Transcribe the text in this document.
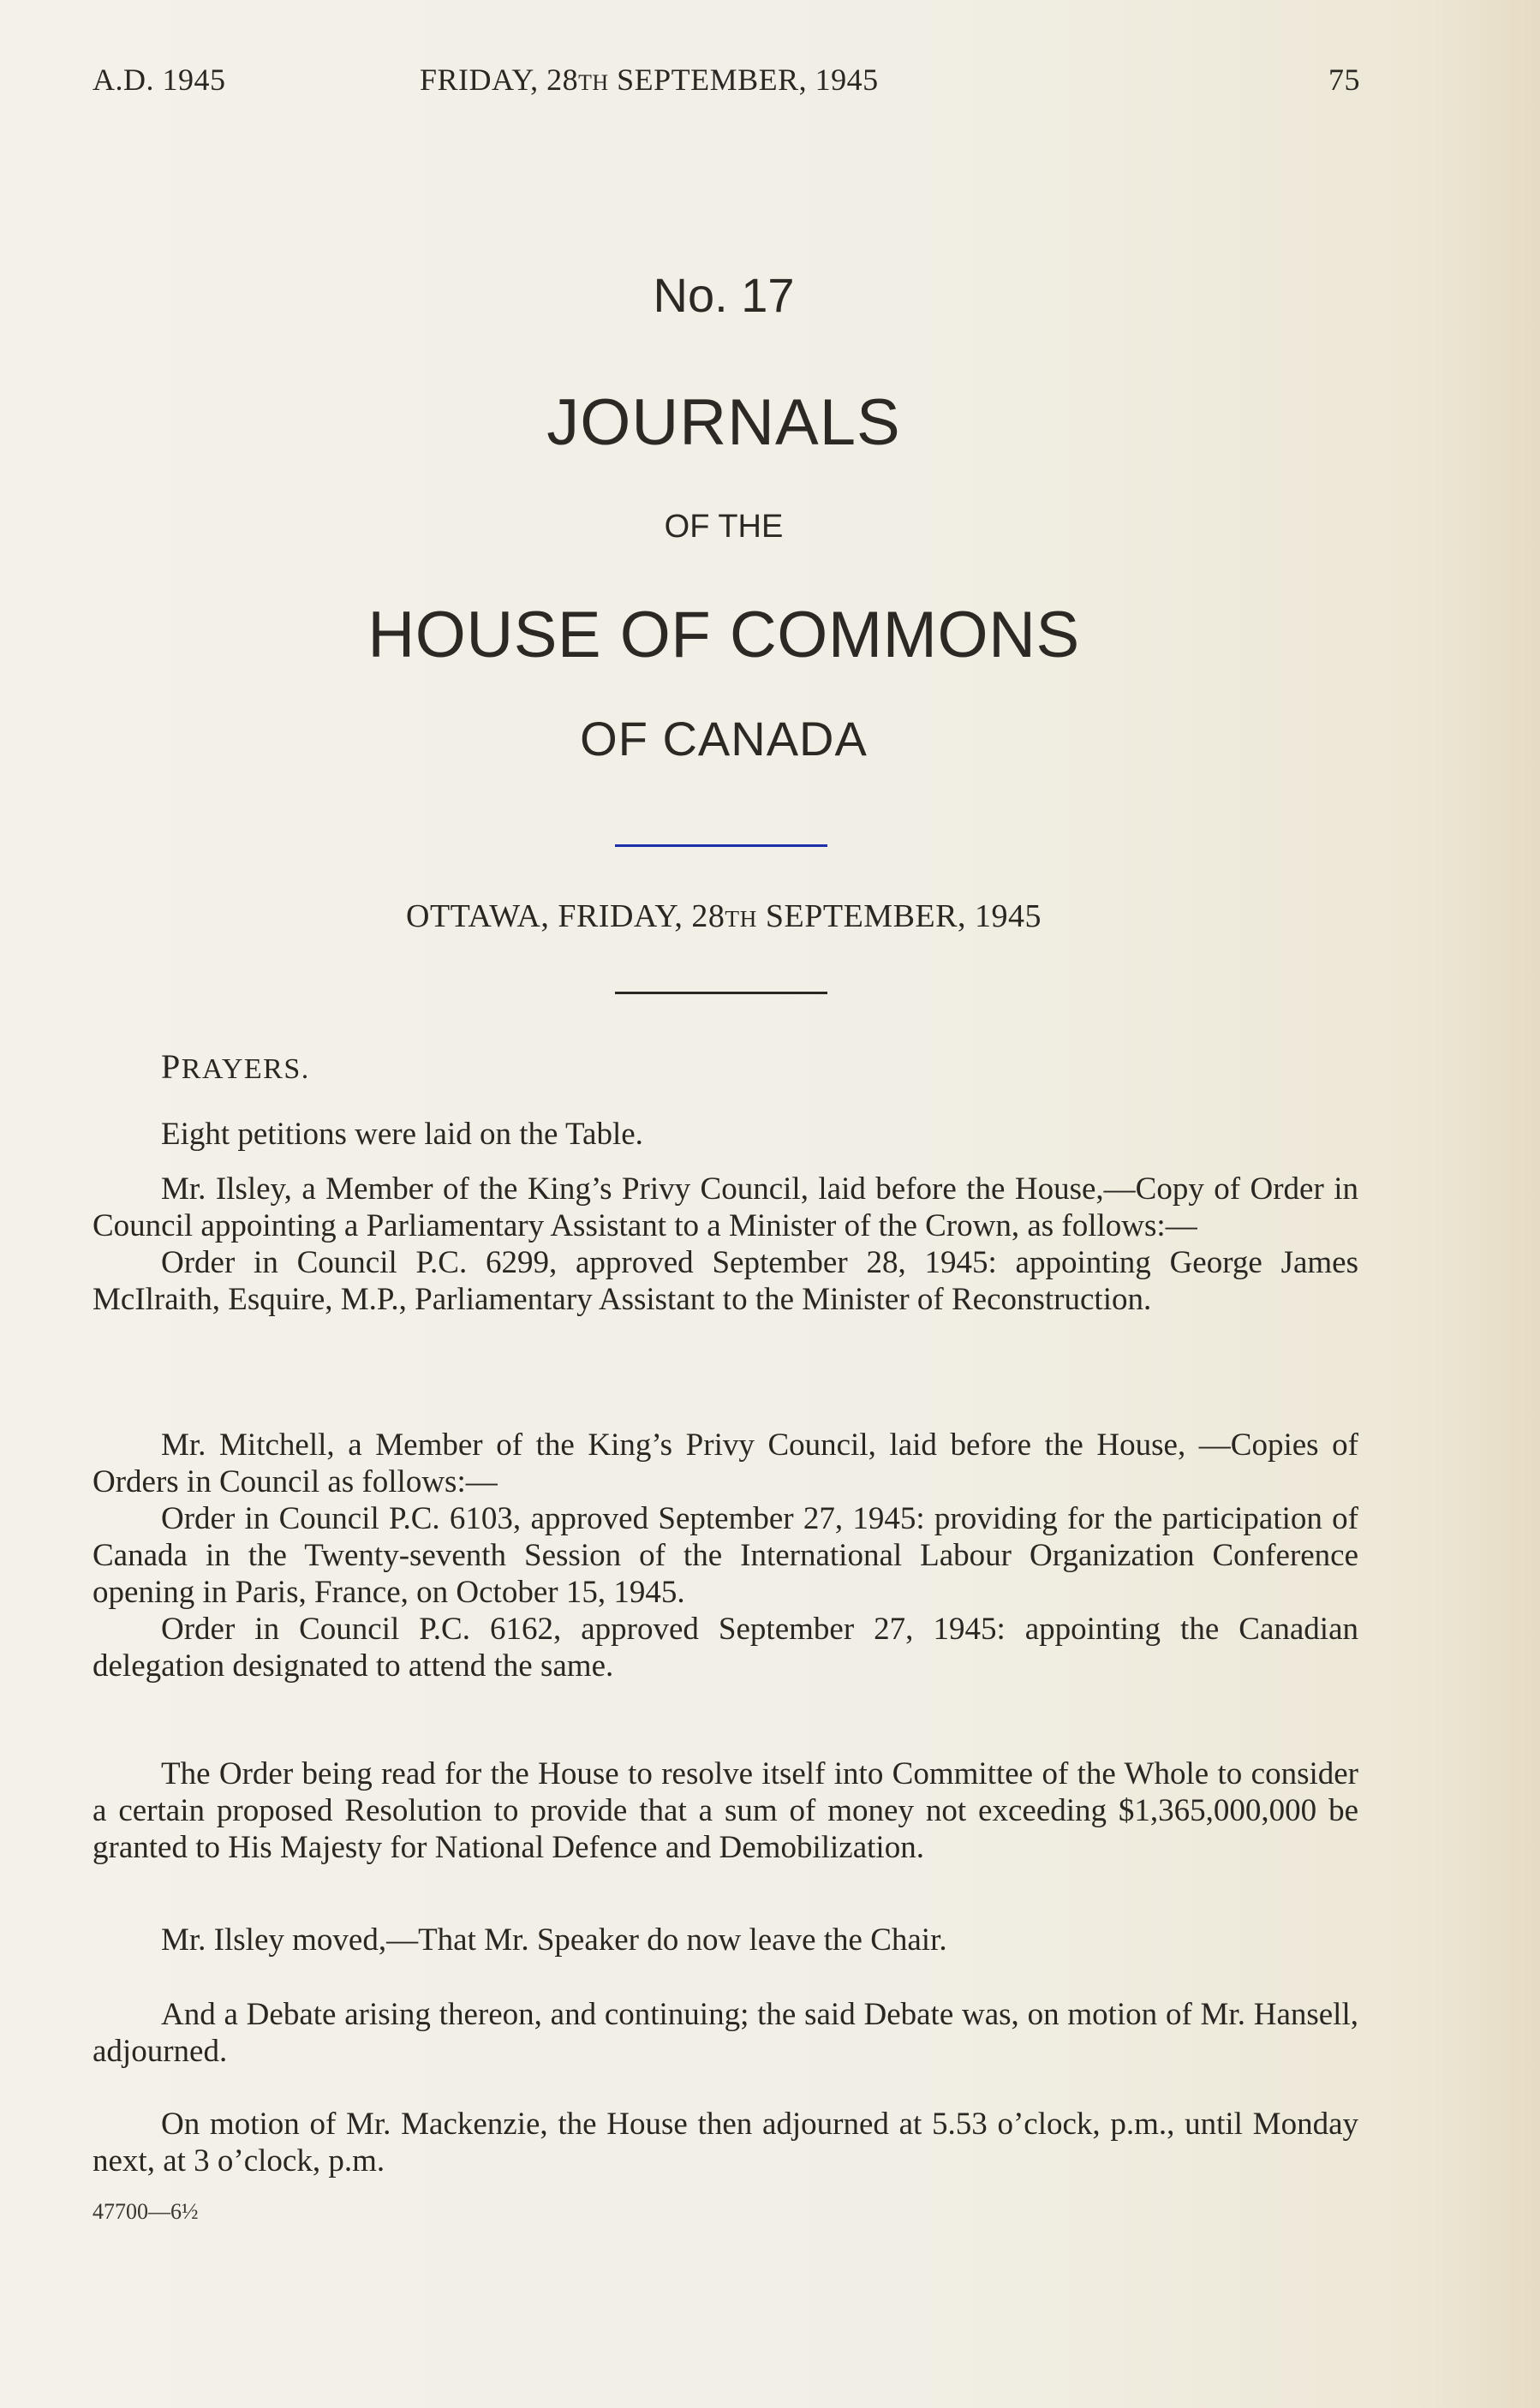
A.D. 1945	FRIDAY, 28TH SEPTEMBER, 1945	75
No. 17
JOURNALS
OF THE
HOUSE OF COMMONS
OF CANADA
OTTAWA, FRIDAY, 28TH SEPTEMBER, 1945
PRAYERS.

Eight petitions were laid on the Table.

Mr. Ilsley, a Member of the King’s Privy Council, laid before the House,—Copy of Order in Council appointing a Parliamentary Assistant to a Minister of the Crown, as follows:—

Order in Council P.C. 6299, approved September 28, 1945: appointing George James McIlraith, Esquire, M.P., Parliamentary Assistant to the Minister of Reconstruction.

Mr. Mitchell, a Member of the King’s Privy Council, laid before the House, —Copies of Orders in Council as follows:—

Order in Council P.C. 6103, approved September 27, 1945: providing for the participation of Canada in the Twenty-seventh Session of the International Labour Organization Conference opening in Paris, France, on October 15, 1945.

Order in Council P.C. 6162, approved September 27, 1945: appointing the Canadian delegation designated to attend the same.

The Order being read for the House to resolve itself into Committee of the Whole to consider a certain proposed Resolution to provide that a sum of money not exceeding $1,365,000,000 be granted to His Majesty for National Defence and Demobilization.

Mr. Ilsley moved,—That Mr. Speaker do now leave the Chair.

And a Debate arising thereon, and continuing; the said Debate was, on motion of Mr. Hansell, adjourned.

On motion of Mr. Mackenzie, the House then adjourned at 5.53 o’clock, p.m., until Monday next, at 3 o’clock, p.m.

47700—6½
